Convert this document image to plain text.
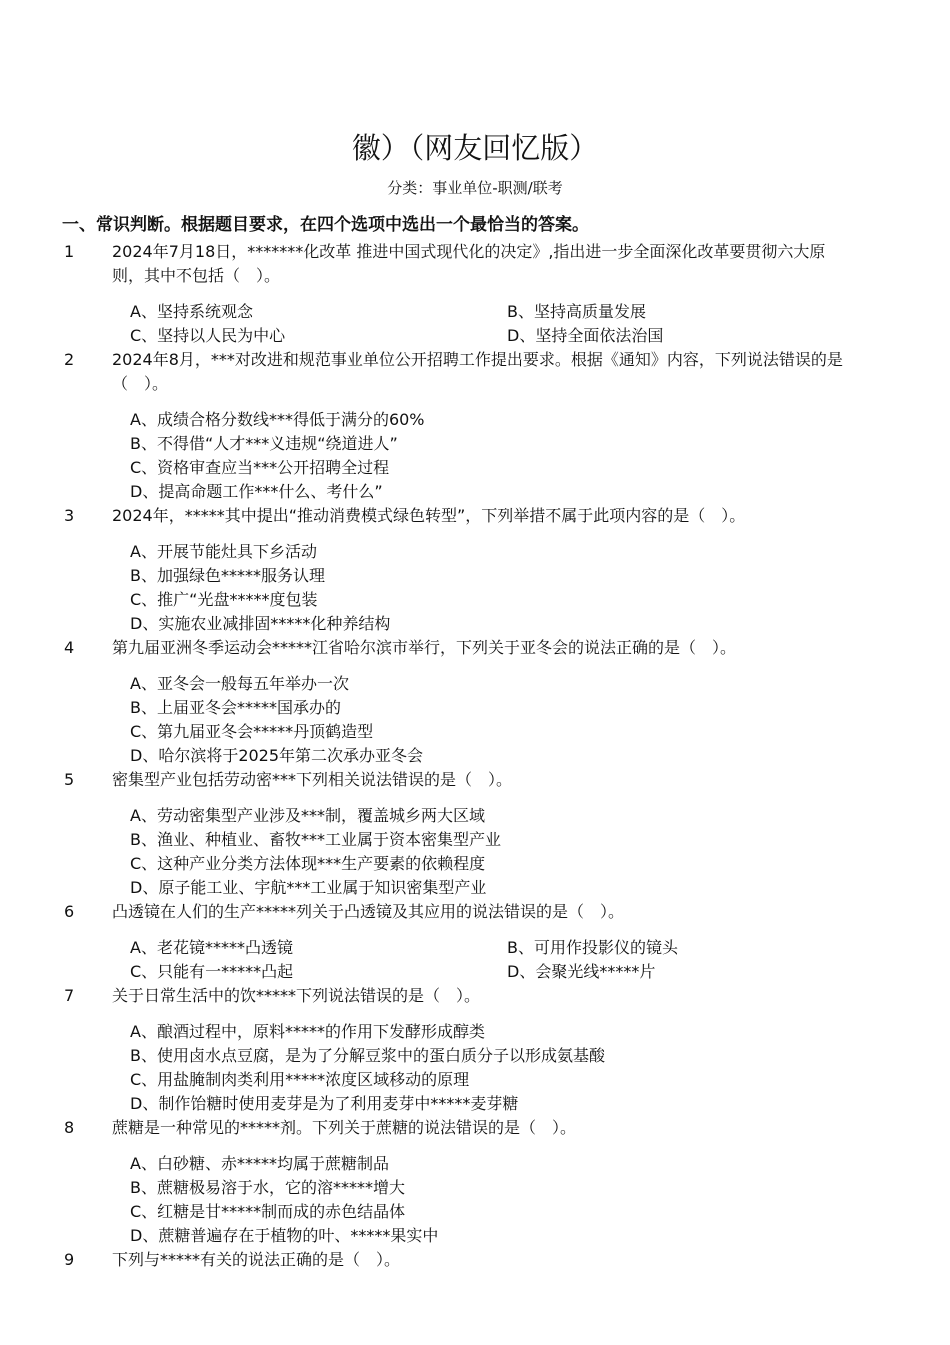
徽）（网友回忆版）
分类：事业单位-职测/联考
一、常识判断。根据题目要求，在四个选项中选出一个最恰当的答案。
1 2024年7月18日，*******化改革 推进中国式现代化的决定》,指出进一步全面深化改革要贯彻六大原则，其中不包括（　）。
A、坚持系统观念	B、坚持高质量发展
C、坚持以人民为中心	D、坚持全面依法治国
2 2024年8月，***对改进和规范事业单位公开招聘工作提出要求。根据《通知》内容，下列说法错误的是（　）。
A、成绩合格分数线***得低于满分的60%
B、不得借“人才***义违规“绕道进人”
C、资格审查应当***公开招聘全过程
D、提高命题工作***什么、考什么”
3 2024年，*****其中提出“推动消费模式绿色转型”，下列举措不属于此项内容的是（　）。
A、开展节能灶具下乡活动
B、加强绿色*****服务认理
C、推广“光盘*****度包装
D、实施农业减排固*****化种养结构
4 第九届亚洲冬季运动会*****江省哈尔滨市举行，下列关于亚冬会的说法正确的是（　）。
A、亚冬会一般每五年举办一次
B、上届亚冬会*****国承办的
C、第九届亚冬会*****丹顶鹤造型
D、哈尔滨将于2025年第二次承办亚冬会
5 密集型产业包括劳动密***下列相关说法错误的是（　）。
A、劳动密集型产业涉及***制，覆盖城乡两大区域
B、渔业、种植业、畜牧***工业属于资本密集型产业
C、这种产业分类方法体现***生产要素的依赖程度
D、原子能工业、宇航***工业属于知识密集型产业
6 凸透镜在人们的生产*****列关于凸透镜及其应用的说法错误的是（　）。
A、老花镜*****凸透镜	B、可用作投影仪的镜头
C、只能有一*****凸起	D、会聚光线*****片
7 关于日常生活中的饮*****下列说法错误的是（　）。
A、酿酒过程中，原料*****的作用下发酵形成醇类
B、使用卤水点豆腐，是为了分解豆浆中的蛋白质分子以形成氨基酸
C、用盐腌制肉类利用*****浓度区域移动的原理
D、制作饴糖时使用麦芽是为了利用麦芽中*****麦芽糖
8 蔗糖是一种常见的*****剂。下列关于蔗糖的说法错误的是（　）。
A、白砂糖、赤*****均属于蔗糖制品
B、蔗糖极易溶于水，它的溶*****增大
C、红糖是甘*****制而成的赤色结晶体
D、蔗糖普遍存在于植物的叶、*****果实中
9 下列与*****有关的说法正确的是（　）。
